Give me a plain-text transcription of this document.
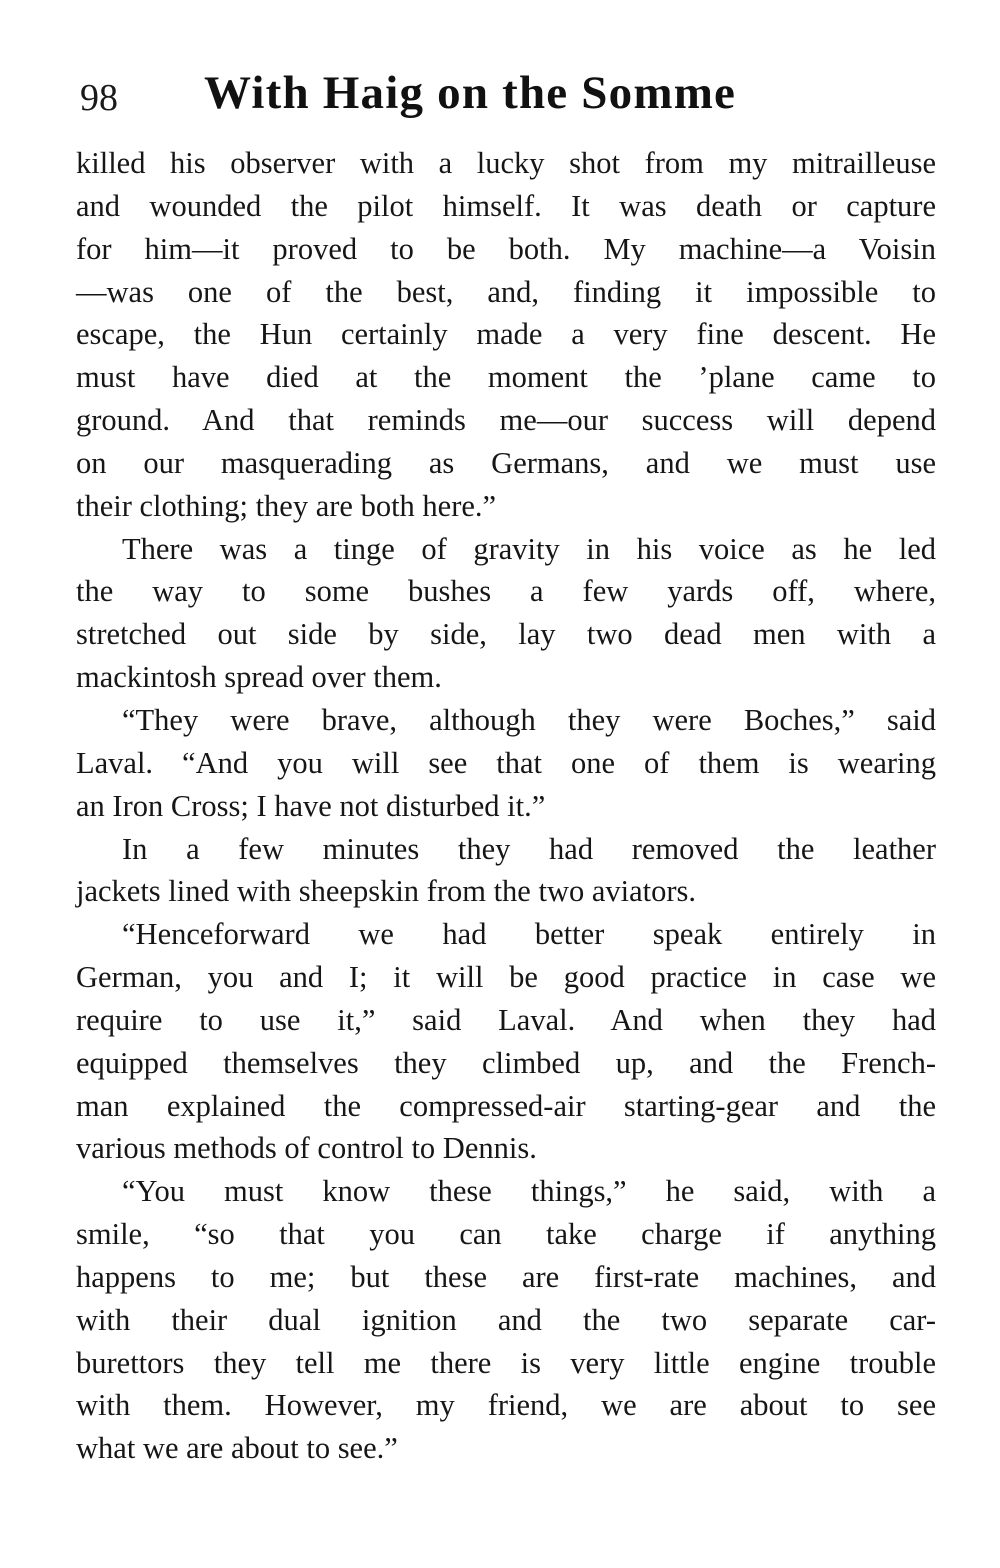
98 With Haig on the Somme
killed his observer with a lucky shot from my mitrailleuse
and wounded the pilot himself. It was death or capture
for him—it proved to be both. My machine—a Voisin
—was one of the best, and, finding it impossible to
escape, the Hun certainly made a very fine descent. He
must have died at the moment the ’plane came to
ground. And that reminds me—our success will depend
on our masquerading as Germans, and we must use
their clothing; they are both here.”
There was a tinge of gravity in his voice as he led
the way to some bushes a few yards off, where,
stretched out side by side, lay two dead men with a
mackintosh spread over them.
“They were brave, although they were Boches,” said
Laval. “And you will see that one of them is wearing
an Iron Cross; I have not disturbed it.”
In a few minutes they had removed the leather
jackets lined with sheepskin from the two aviators.
“Henceforward we had better speak entirely in
German, you and I; it will be good practice in case we
require to use it,” said Laval. And when they had
equipped themselves they climbed up, and the French-
man explained the compressed-air starting-gear and the
various methods of control to Dennis.
“You must know these things,” he said, with a
smile, “so that you can take charge if anything
happens to me; but these are first-rate machines, and
with their dual ignition and the two separate car-
burettors they tell me there is very little engine trouble
with them. However, my friend, we are about to see
what we are about to see.”
